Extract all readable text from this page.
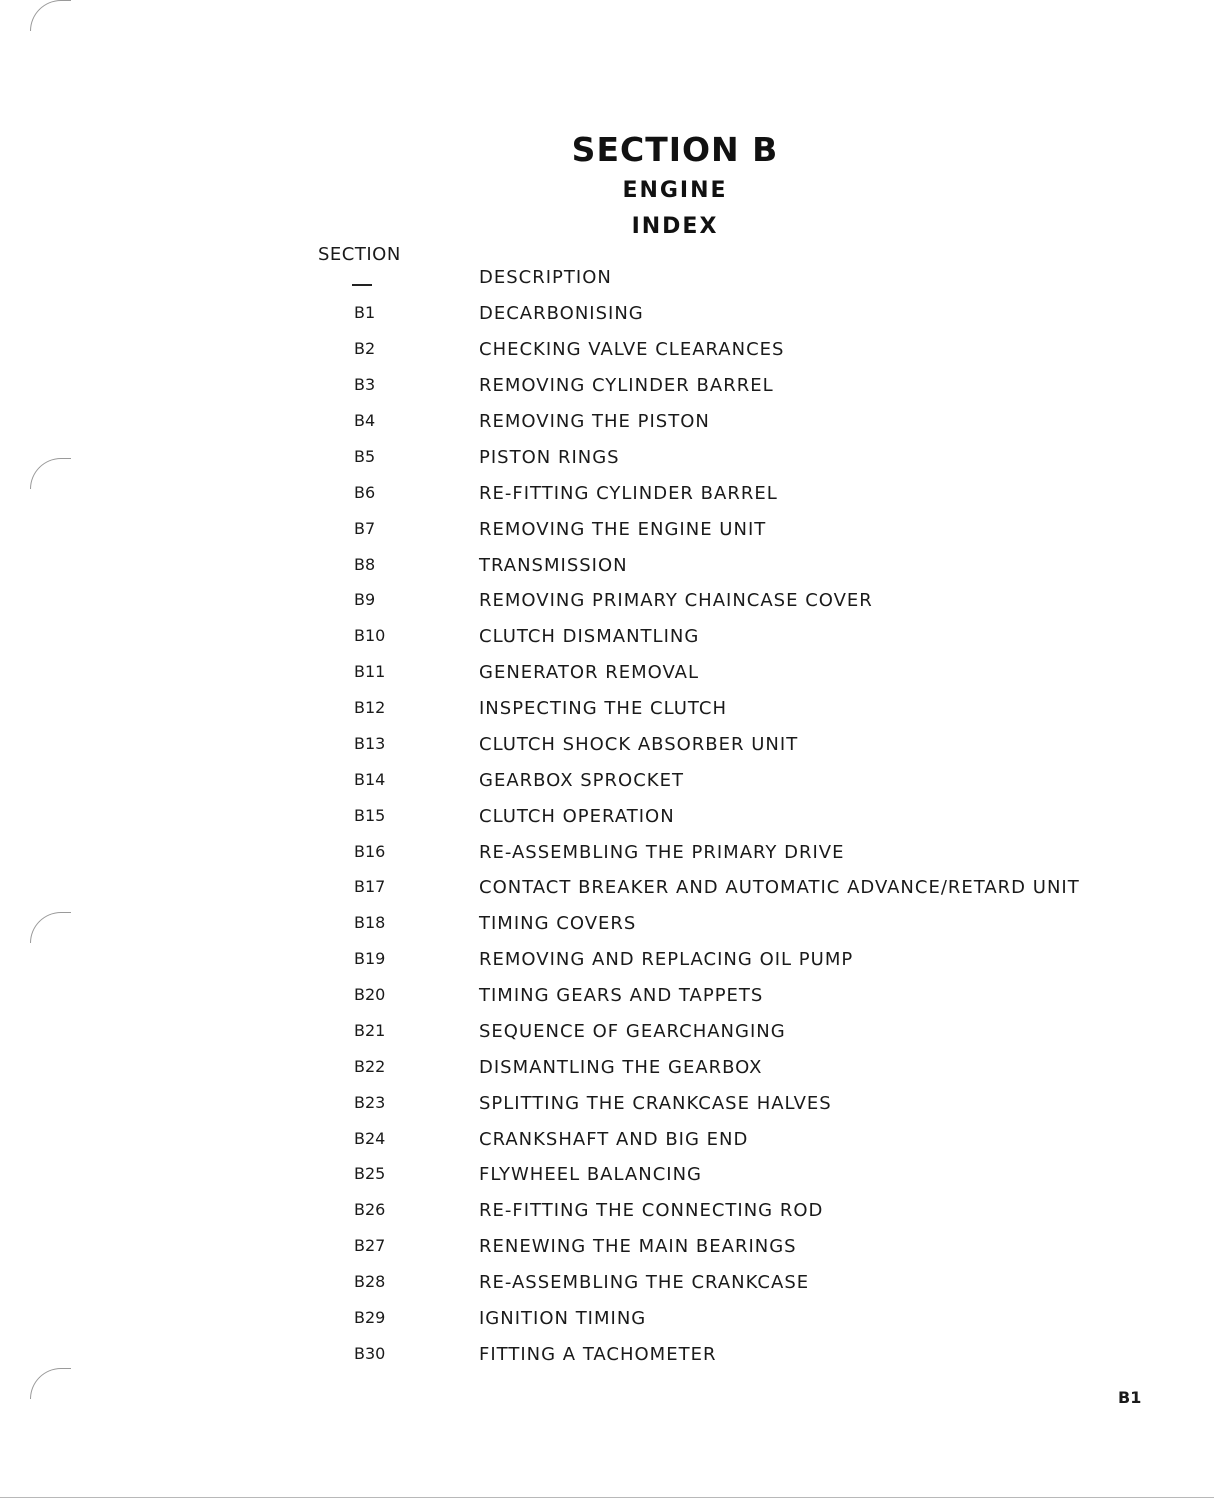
SECTION B
ENGINE
INDEX
SECTION
DESCRIPTION
B1	DECARBONISING
B2	CHECKING VALVE CLEARANCES
B3	REMOVING CYLINDER BARREL
B4	REMOVING THE PISTON
B5	PISTON RINGS
B6	RE-FITTING CYLINDER BARREL
B7	REMOVING THE ENGINE UNIT
B8	TRANSMISSION
B9	REMOVING PRIMARY CHAINCASE COVER
B10	CLUTCH DISMANTLING
B11	GENERATOR REMOVAL
B12	INSPECTING THE CLUTCH
B13	CLUTCH SHOCK ABSORBER UNIT
B14	GEARBOX SPROCKET
B15	CLUTCH OPERATION
B16	RE-ASSEMBLING THE PRIMARY DRIVE
B17	CONTACT BREAKER AND AUTOMATIC ADVANCE/RETARD UNIT
B18	TIMING COVERS
B19	REMOVING AND REPLACING OIL PUMP
B20	TIMING GEARS AND TAPPETS
B21	SEQUENCE OF GEARCHANGING
B22	DISMANTLING THE GEARBOX
B23	SPLITTING THE CRANKCASE HALVES
B24	CRANKSHAFT AND BIG END
B25	FLYWHEEL BALANCING
B26	RE-FITTING THE CONNECTING ROD
B27	RENEWING THE MAIN BEARINGS
B28	RE-ASSEMBLING THE CRANKCASE
B29	IGNITION TIMING
B30	FITTING A TACHOMETER
B1
